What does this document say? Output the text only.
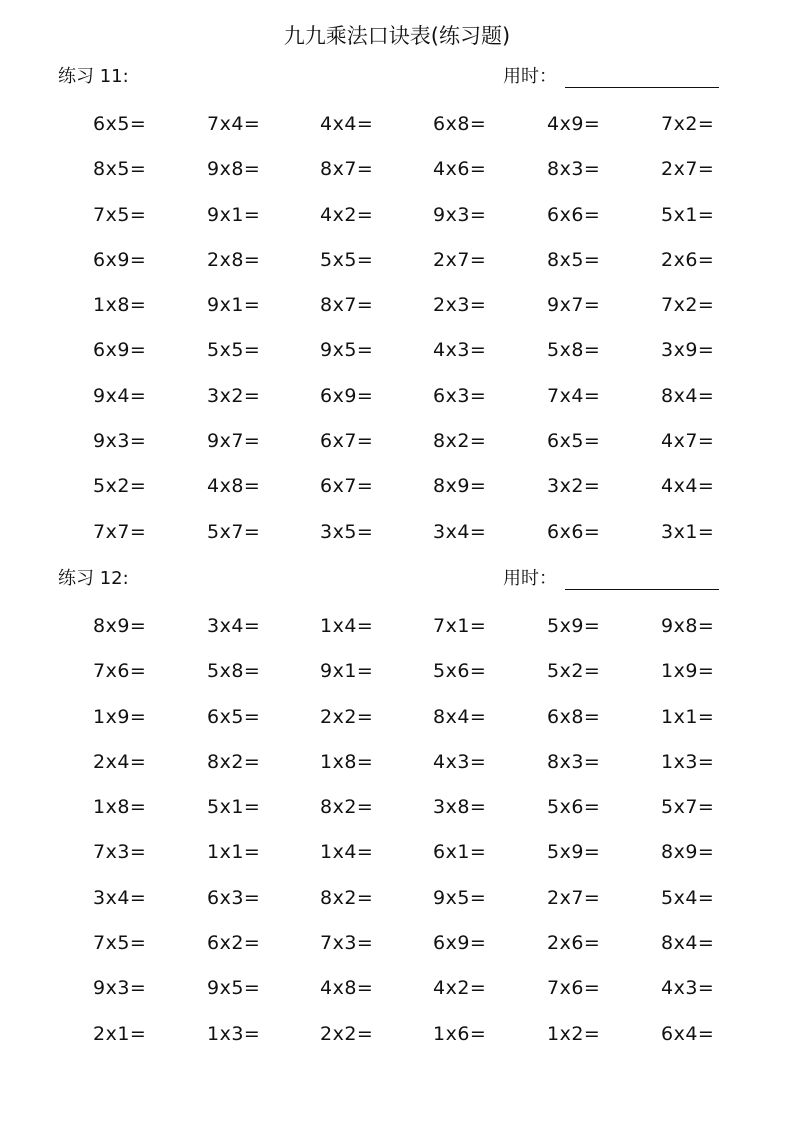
九九乘法口诀表(练习题)
练习 11:	用时：
6x5=	7x4=	4x4=	6x8=	4x9=	7x2=
8x5=	9x8=	8x7=	4x6=	8x3=	2x7=
7x5=	9x1=	4x2=	9x3=	6x6=	5x1=
6x9=	2x8=	5x5=	2x7=	8x5=	2x6=
1x8=	9x1=	8x7=	2x3=	9x7=	7x2=
6x9=	5x5=	9x5=	4x3=	5x8=	3x9=
9x4=	3x2=	6x9=	6x3=	7x4=	8x4=
9x3=	9x7=	6x7=	8x2=	6x5=	4x7=
5x2=	4x8=	6x7=	8x9=	3x2=	4x4=
7x7=	5x7=	3x5=	3x4=	6x6=	3x1=
练习 12:	用时：
8x9=	3x4=	1x4=	7x1=	5x9=	9x8=
7x6=	5x8=	9x1=	5x6=	5x2=	1x9=
1x9=	6x5=	2x2=	8x4=	6x8=	1x1=
2x4=	8x2=	1x8=	4x3=	8x3=	1x3=
1x8=	5x1=	8x2=	3x8=	5x6=	5x7=
7x3=	1x1=	1x4=	6x1=	5x9=	8x9=
3x4=	6x3=	8x2=	9x5=	2x7=	5x4=
7x5=	6x2=	7x3=	6x9=	2x6=	8x4=
9x3=	9x5=	4x8=	4x2=	7x6=	4x3=
2x1=	1x3=	2x2=	1x6=	1x2=	6x4=
